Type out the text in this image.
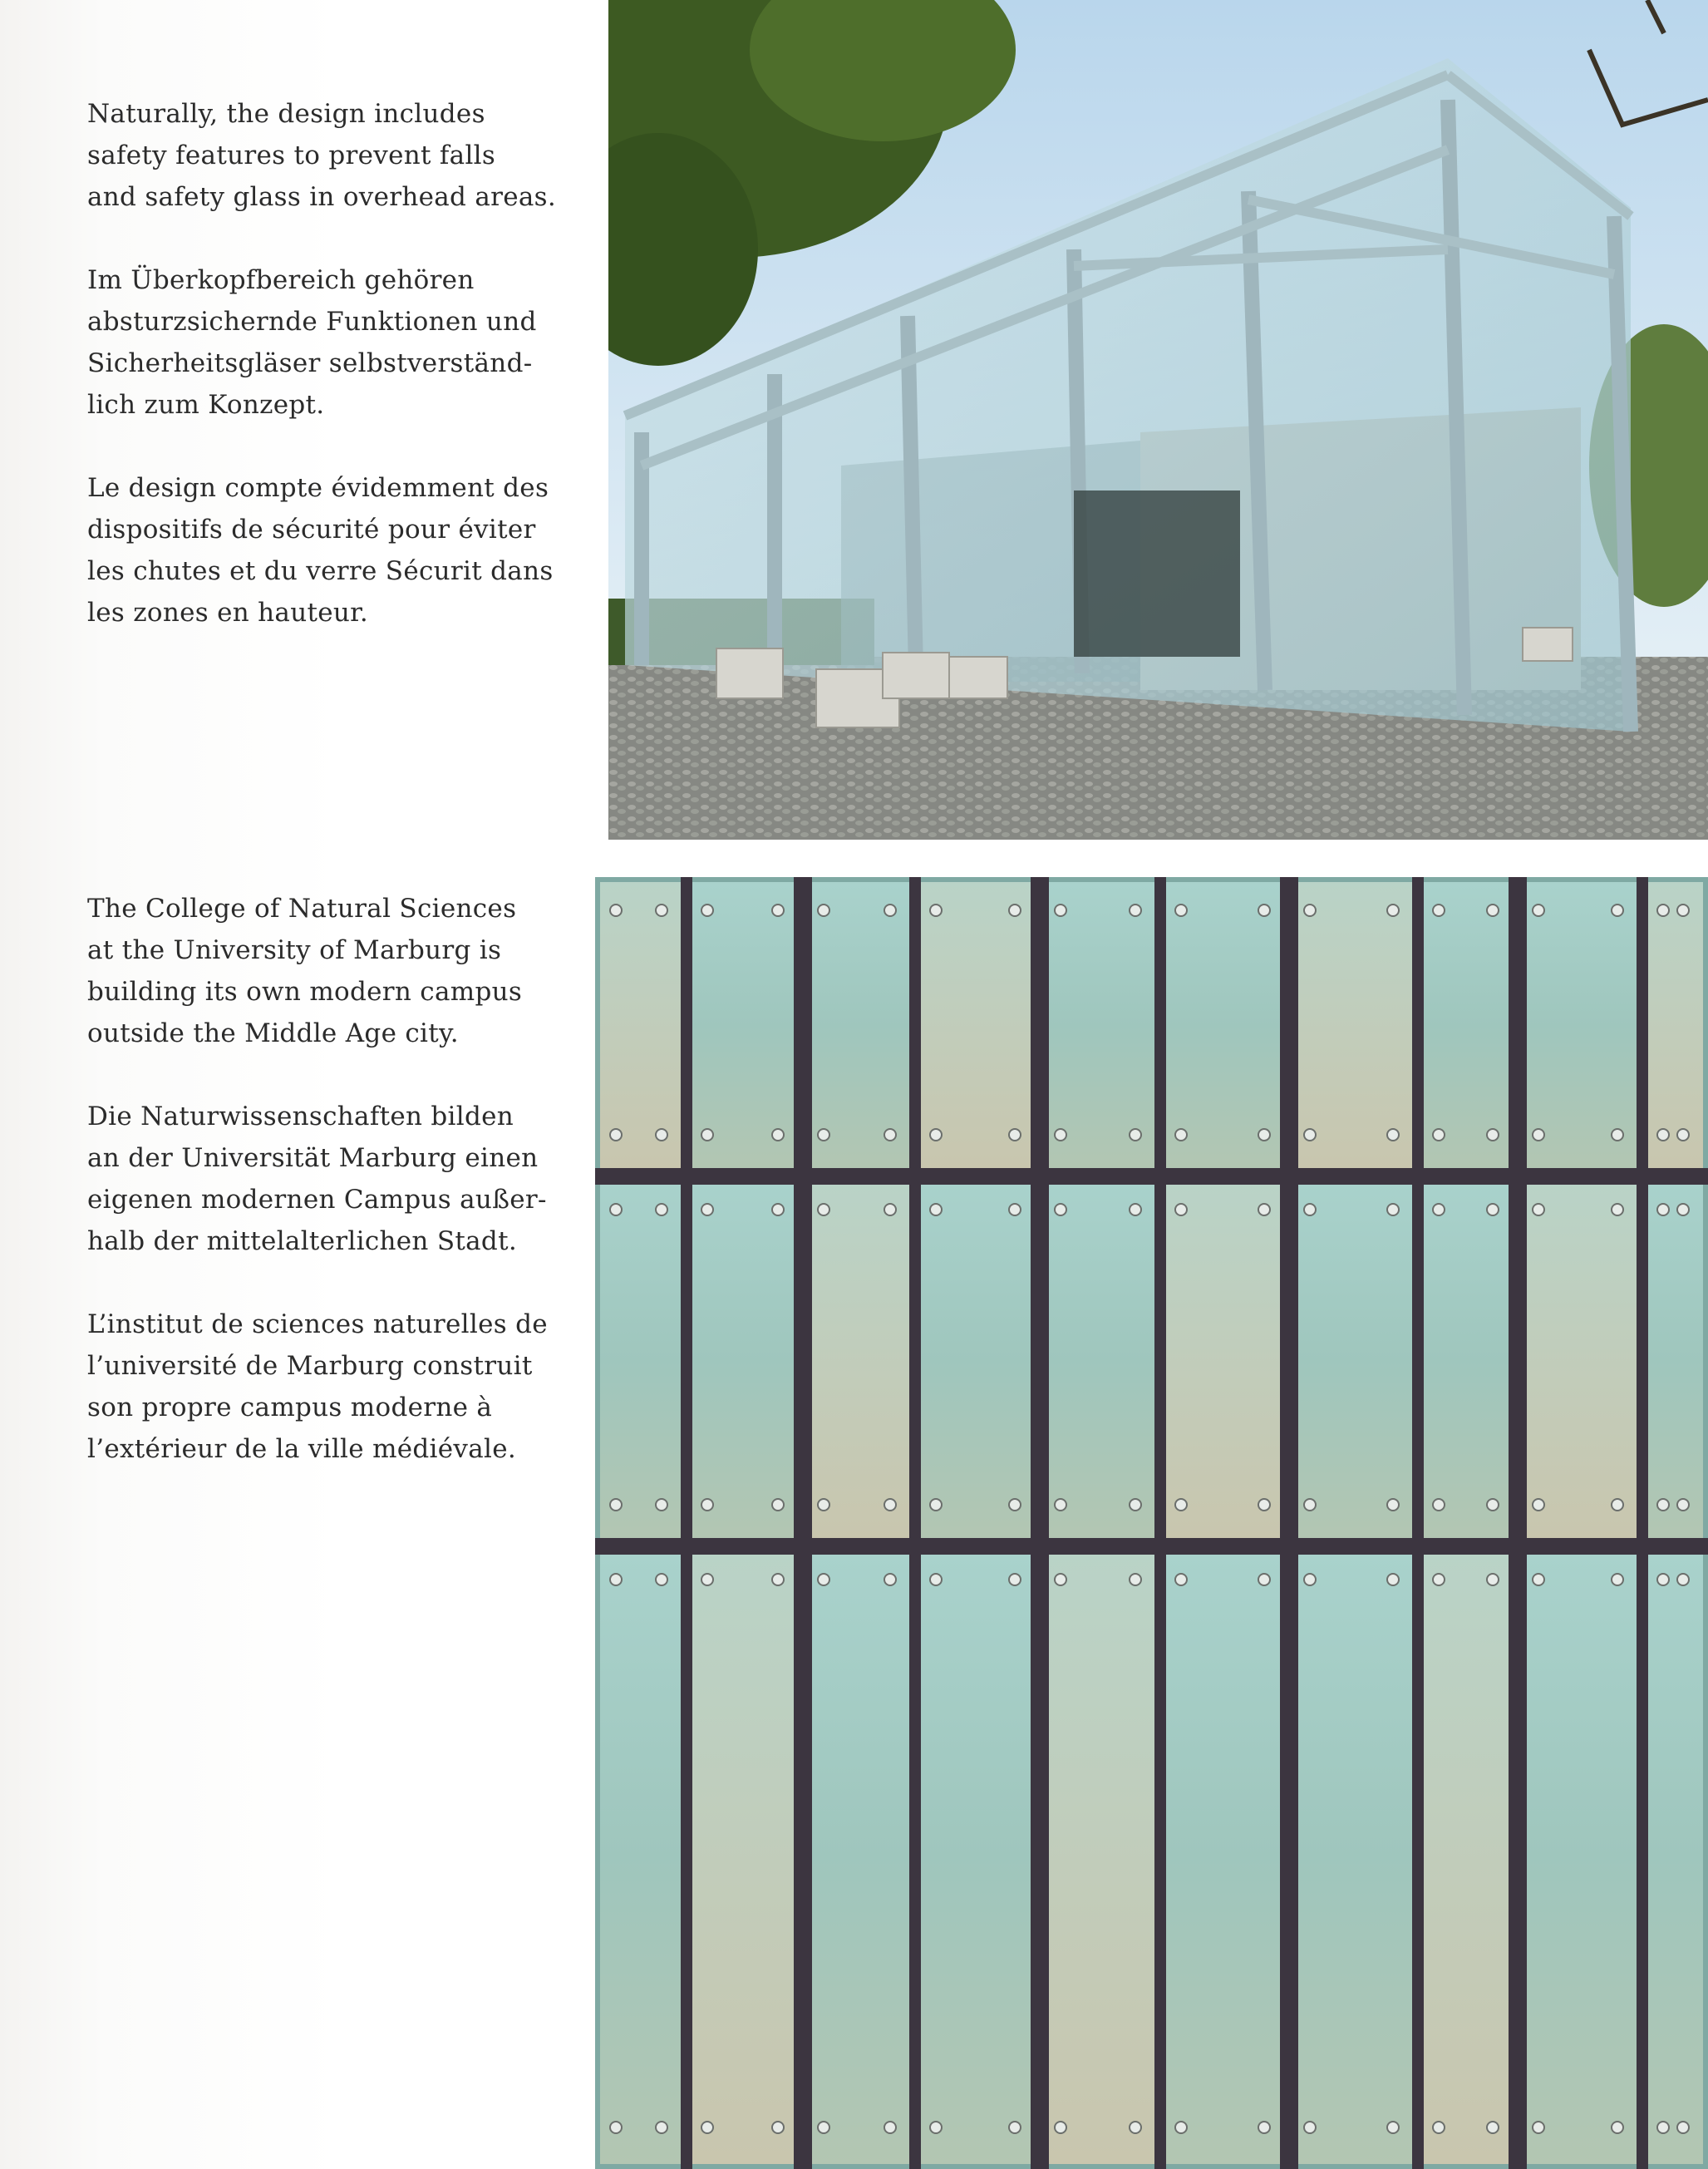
Naturally, the design includes
safety features to prevent falls
and safety glass in overhead areas.

Im Überkopfbereich gehören
absturzsichernde Funktionen und
Sicherheitsgläser selbstverständ-
lich zum Konzept.

Le design compte évidemment des
dispositifs de sécurité pour éviter
les chutes et du verre Sécurit dans
les zones en hauteur.

The College of Natural Sciences
at the University of Marburg is
building its own modern campus
outside the Middle Age city.

Die Naturwissenschaften bilden
an der Universität Marburg einen
eigenen modernen Campus außer-
halb der mittelalterlichen Stadt.

L’institut de sciences naturelles de
l’université de Marburg construit
son propre campus moderne à
l’extérieur de la ville médiévale.
